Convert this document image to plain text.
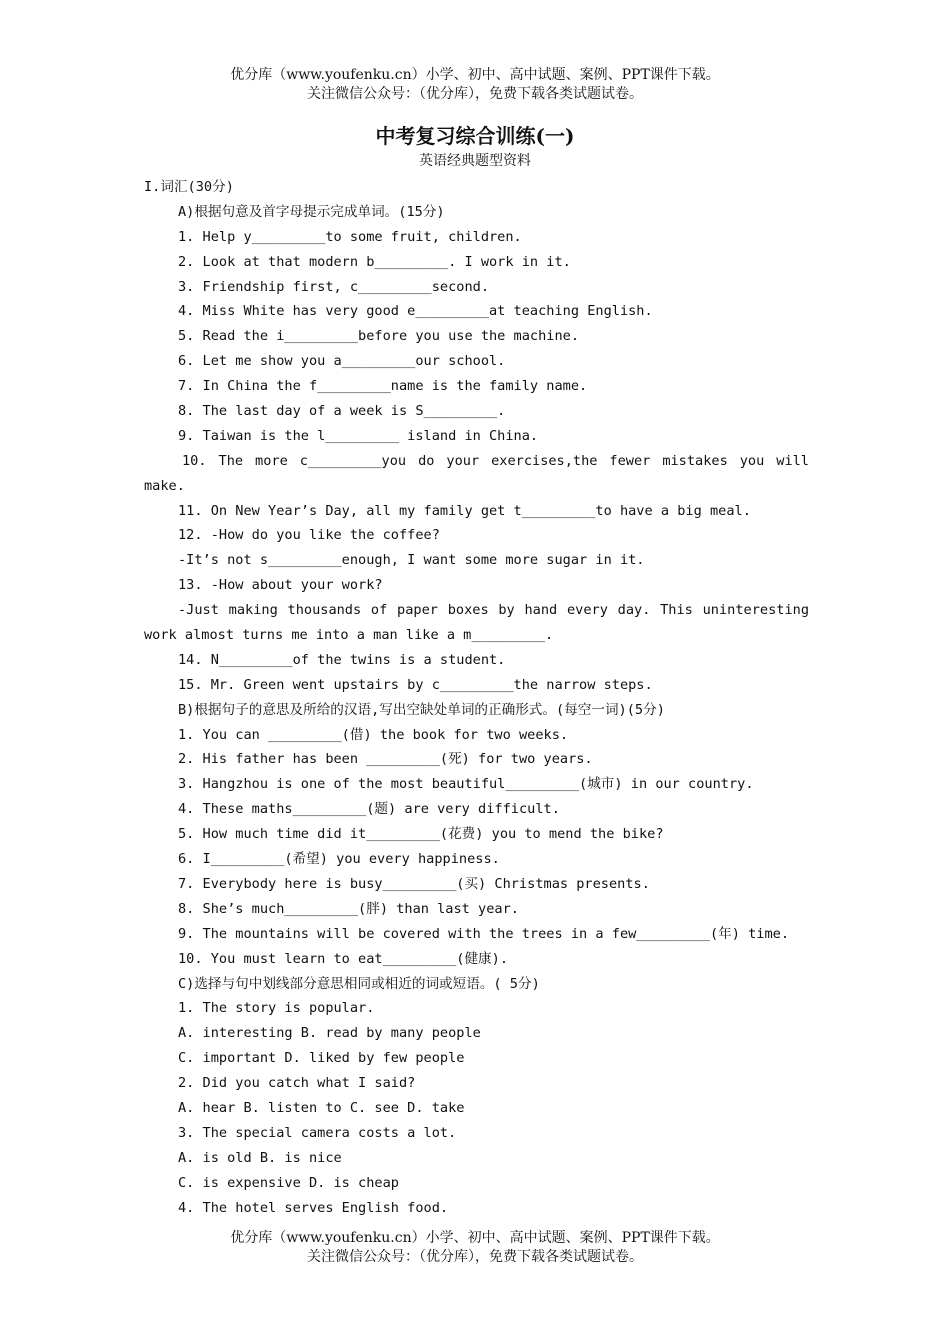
优分库（www.youfenku.cn）小学、初中、高中试题、案例、PPT课件下载。
关注微信公众号：（优分库），免费下载各类试题试卷。
中考复习综合训练(一)
英语经典题型资料
I.词汇(30分)
A)根据句意及首字母提示完成单词。(15分)
1. Help y_________to some fruit, children.
2. Look at that modern b_________. I work in it.
3. Friendship first, c_________second.
4. Miss White has very good e_________at teaching English.
5. Read the i_________before you use the machine.
6. Let me show you a_________our school.
7. In China the f_________name is the family name.
8. The last day of a week is S_________.
9. Taiwan is the l_________ island in China.
10. The more c_________you do your exercises,the fewer mistakes you will
make.
11. On New Year’s Day, all my family get t_________to have a big meal.
12. -How do you like the coffee?
-It’s not s_________enough, I want some more sugar in it.
13. -How about your work?
-Just making thousands of paper boxes by hand every day. This uninteresting
work almost turns me into a man like a m_________.
14. N_________of the twins is a student.
15. Mr. Green went upstairs by c_________the narrow steps.
B)根据句子的意思及所给的汉语,写出空缺处单词的正确形式。(每空一词)(5分)
1. You can _________(借) the book for two weeks.
2. His father has been _________(死) for two years.
3. Hangzhou is one of the most beautiful_________(城市) in our country.
4. These maths_________(题) are very difficult.
5. How much time did it_________(花费) you to mend the bike?
6. I_________(希望) you every happiness.
7. Everybody here is busy_________(买) Christmas presents.
8. She’s much_________(胖) than last year.
9. The mountains will be covered with the trees in a few_________(年) time.
10. You must learn to eat_________(健康).
C)选择与句中划线部分意思相同或相近的词或短语。( 5分)
1. The story is popular.
A. interesting B. read by many people
C. important D. liked by few people
2. Did you catch what I said?
A. hear B. listen to C. see D. take
3. The special camera costs a lot.
A. is old B. is nice
C. is expensive D. is cheap
4. The hotel serves English food.
优分库（www.youfenku.cn）小学、初中、高中试题、案例、PPT课件下载。
关注微信公众号：（优分库），免费下载各类试题试卷。
